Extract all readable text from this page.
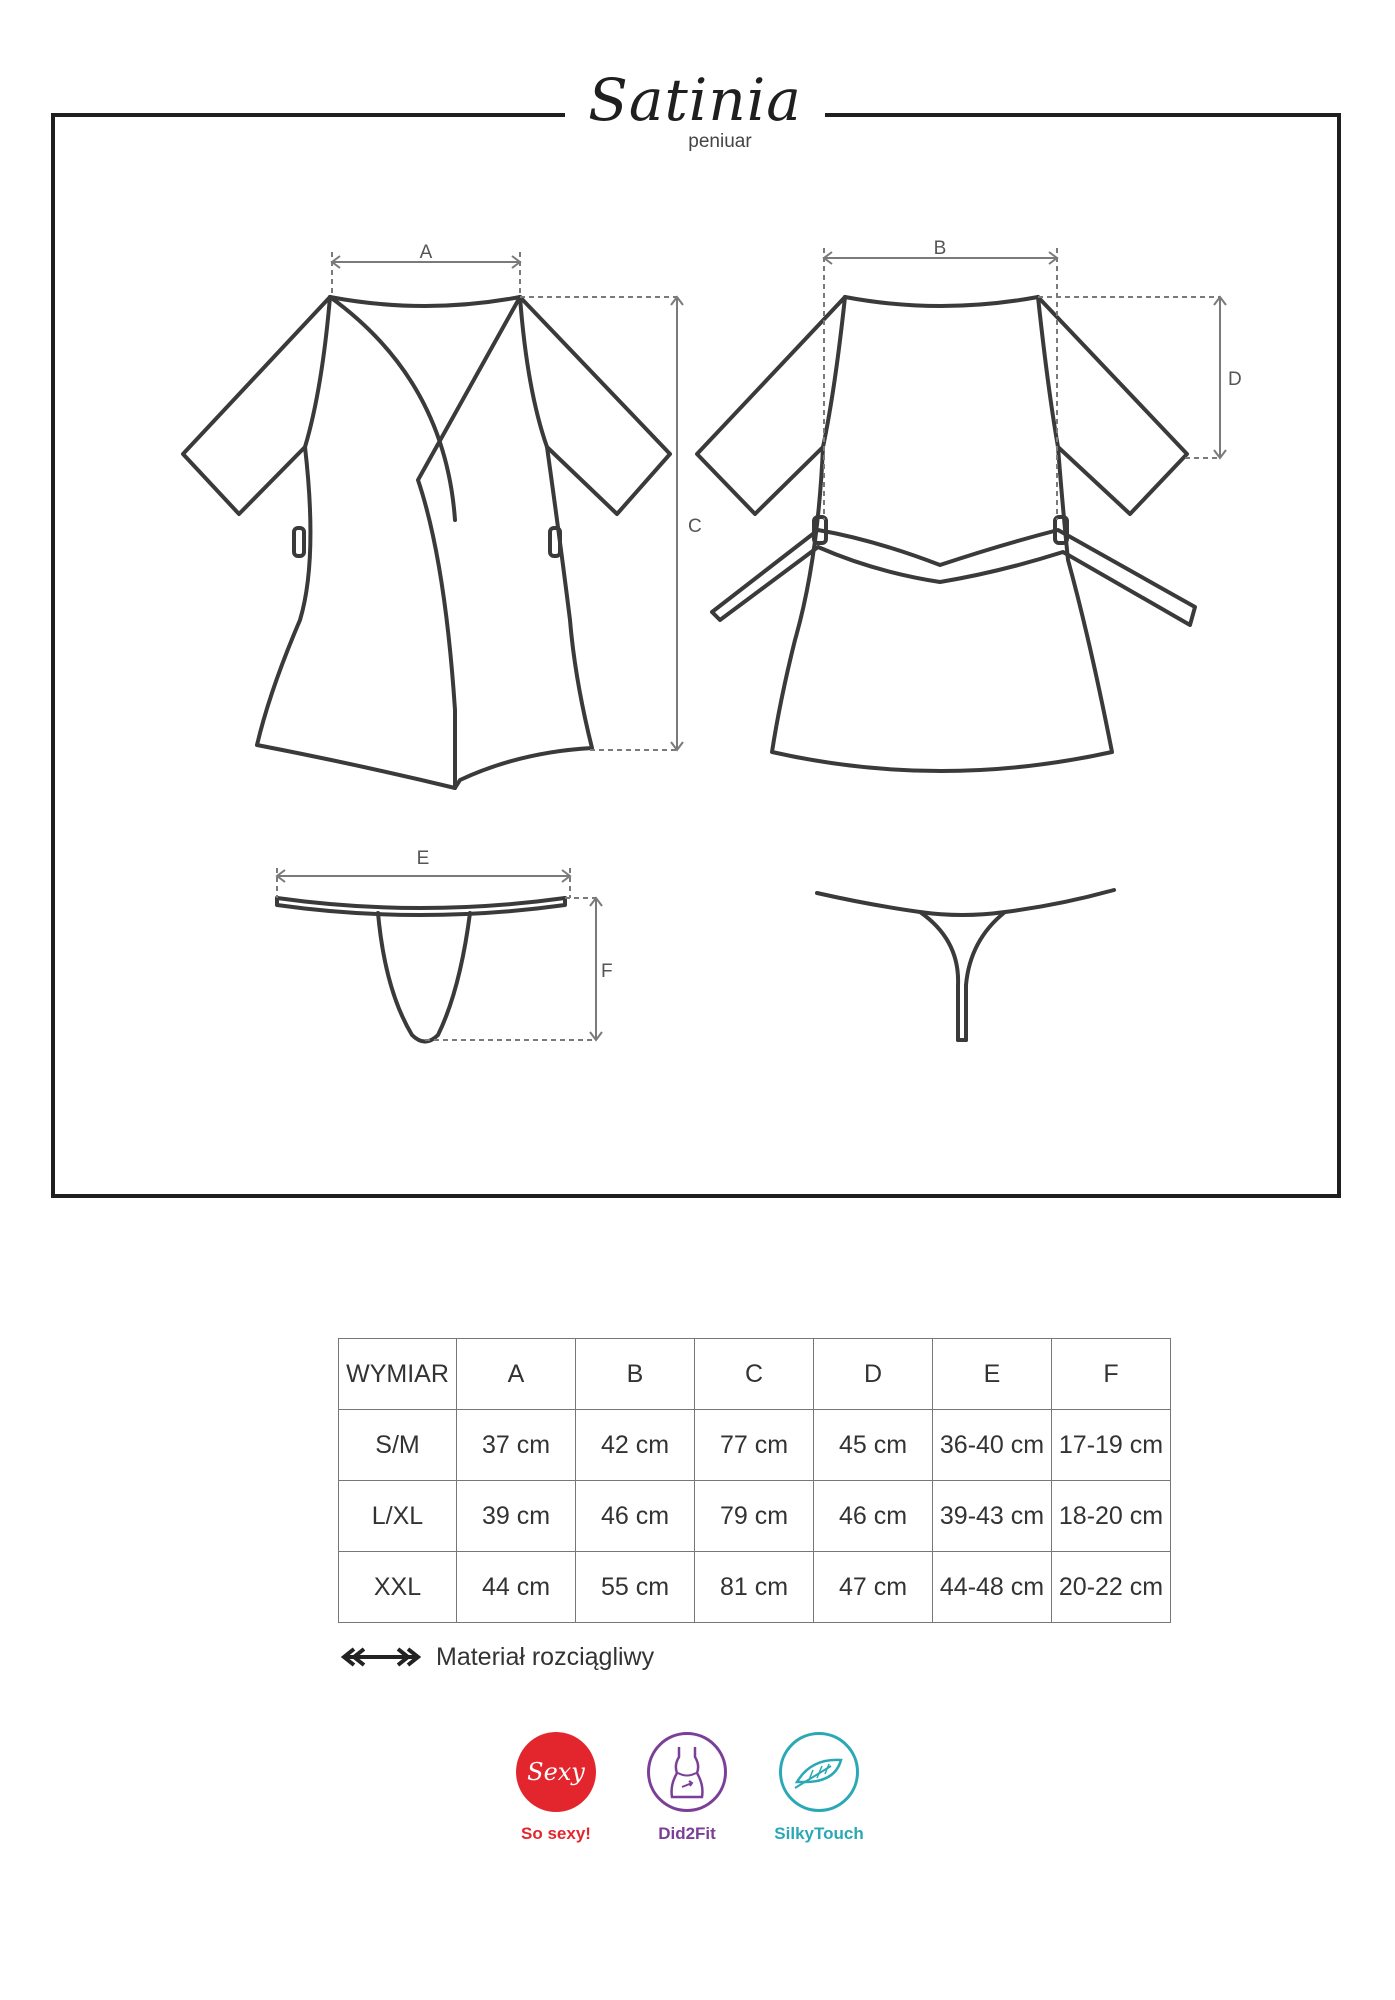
Satinia
peniuar
A	B
C
D
E
F
WYMIAR	A	B	C	D	E	F
S/M	37 cm	42 cm	77 cm	45 cm	36-40 cm	17-19 cm
L/XL	39 cm	46 cm	79 cm	46 cm	39-43 cm	18-20 cm
XXL	44 cm	55 cm	81 cm	47 cm	44-48 cm	20-22 cm
Materiał rozciągliwy
Sexy
So sexy!	Did2Fit	SilkyTouch
